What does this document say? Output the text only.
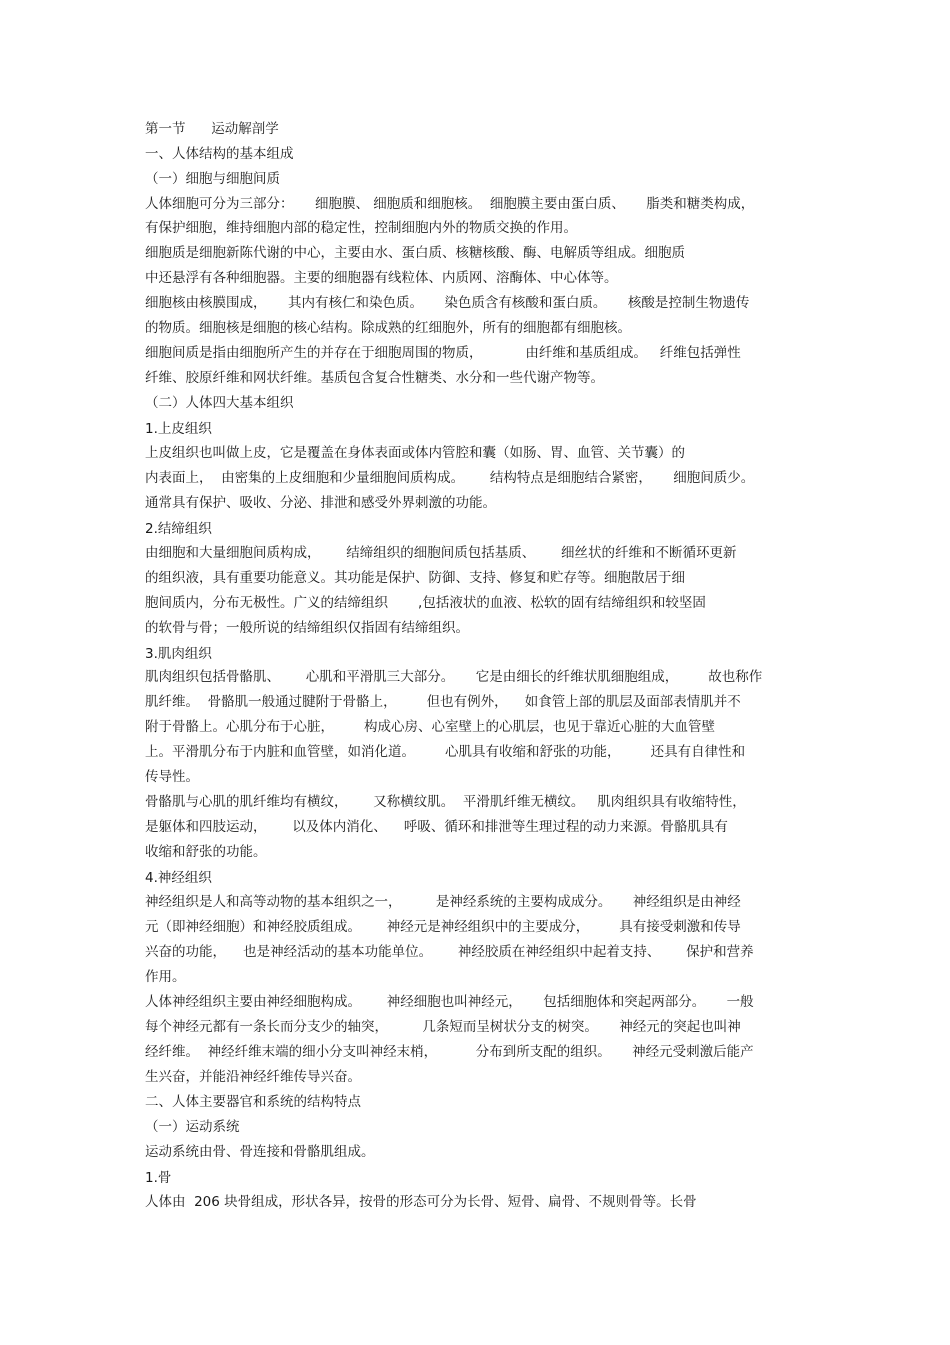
第一节      运动解剖学
一、人体结构的基本组成
（一）细胞与细胞间质
人体细胞可分为三部分：     细胞膜、 细胞质和细胞核。  细胞膜主要由蛋白质、     脂类和糖类构成，
有保护细胞，维持细胞内部的稳定性，控制细胞内外的物质交换的作用。
细胞质是细胞新陈代谢的中心，主要由水、蛋白质、核糖核酸、酶、电解质等组成。细胞质
中还悬浮有各种细胞器。主要的细胞器有线粒体、内质网、溶酶体、中心体等。
细胞核由核膜围成，     其内有核仁和染色质。     染色质含有核酸和蛋白质。     核酸是控制生物遗传
的物质。细胞核是细胞的核心结构。除成熟的红细胞外，所有的细胞都有细胞核。
细胞间质是指由细胞所产生的并存在于细胞周围的物质，          由纤维和基质组成。   纤维包括弹性
纤维、胶原纤维和网状纤维。基质包含复合性糖类、水分和一些代谢产物等。
（二）人体四大基本组织
1.上皮组织
上皮组织也叫做上皮，它是覆盖在身体表面或体内管腔和囊（如肠、胃、血管、关节囊）的
内表面上，  由密集的上皮细胞和少量细胞间质构成。      结构特点是细胞结合紧密，     细胞间质少。
通常具有保护、吸收、分泌、排泄和感受外界刺激的功能。
2.结缔组织
由细胞和大量细胞间质构成，      结缔组织的细胞间质包括基质、      细丝状的纤维和不断循环更新
的组织液，具有重要功能意义。其功能是保护、防御、支持、修复和贮存等。细胞散居于细
胞间质内，分布无极性。广义的结缔组织       ,包括液状的血液、松软的固有结缔组织和较坚固
的软骨与骨；一般所说的结缔组织仅指固有结缔组织。
3.肌肉组织
肌肉组织包括骨骼肌、      心肌和平滑肌三大部分。     它是由细长的纤维状肌细胞组成，       故也称作
肌纤维。  骨骼肌一般通过腱附于骨骼上，       但也有例外，    如食管上部的肌层及面部表情肌并不
附于骨骼上。心肌分布于心脏，       构成心房、心室壁上的心肌层，也见于靠近心脏的大血管壁
上。平滑肌分布于内脏和血管壁，如消化道。       心肌具有收缩和舒张的功能，       还具有自律性和
传导性。
骨骼肌与心肌的肌纤维均有横纹，      又称横纹肌。  平滑肌纤维无横纹。   肌肉组织具有收缩特性，
是躯体和四肢运动，      以及体内消化、    呼吸、循环和排泄等生理过程的动力来源。骨骼肌具有
收缩和舒张的功能。
4.神经组织
神经组织是人和高等动物的基本组织之一，        是神经系统的主要构成成分。     神经组织是由神经
元（即神经细胞）和神经胶质组成。      神经元是神经组织中的主要成分，       具有接受刺激和传导
兴奋的功能，    也是神经活动的基本功能单位。      神经胶质在神经组织中起着支持、      保护和营养
作用。
人体神经组织主要由神经细胞构成。      神经细胞也叫神经元，     包括细胞体和突起两部分。     一般
每个神经元都有一条长而分支少的轴突，        几条短而呈树状分支的树突。     神经元的突起也叫神
经纤维。  神经纤维末端的细小分支叫神经末梢，         分布到所支配的组织。     神经元受刺激后能产
生兴奋，并能沿神经纤维传导兴奋。
二、人体主要器官和系统的结构特点
（一）运动系统
运动系统由骨、骨连接和骨骼肌组成。
1.骨
人体由  206 块骨组成，形状各异，按骨的形态可分为长骨、短骨、扁骨、不规则骨等。长骨
